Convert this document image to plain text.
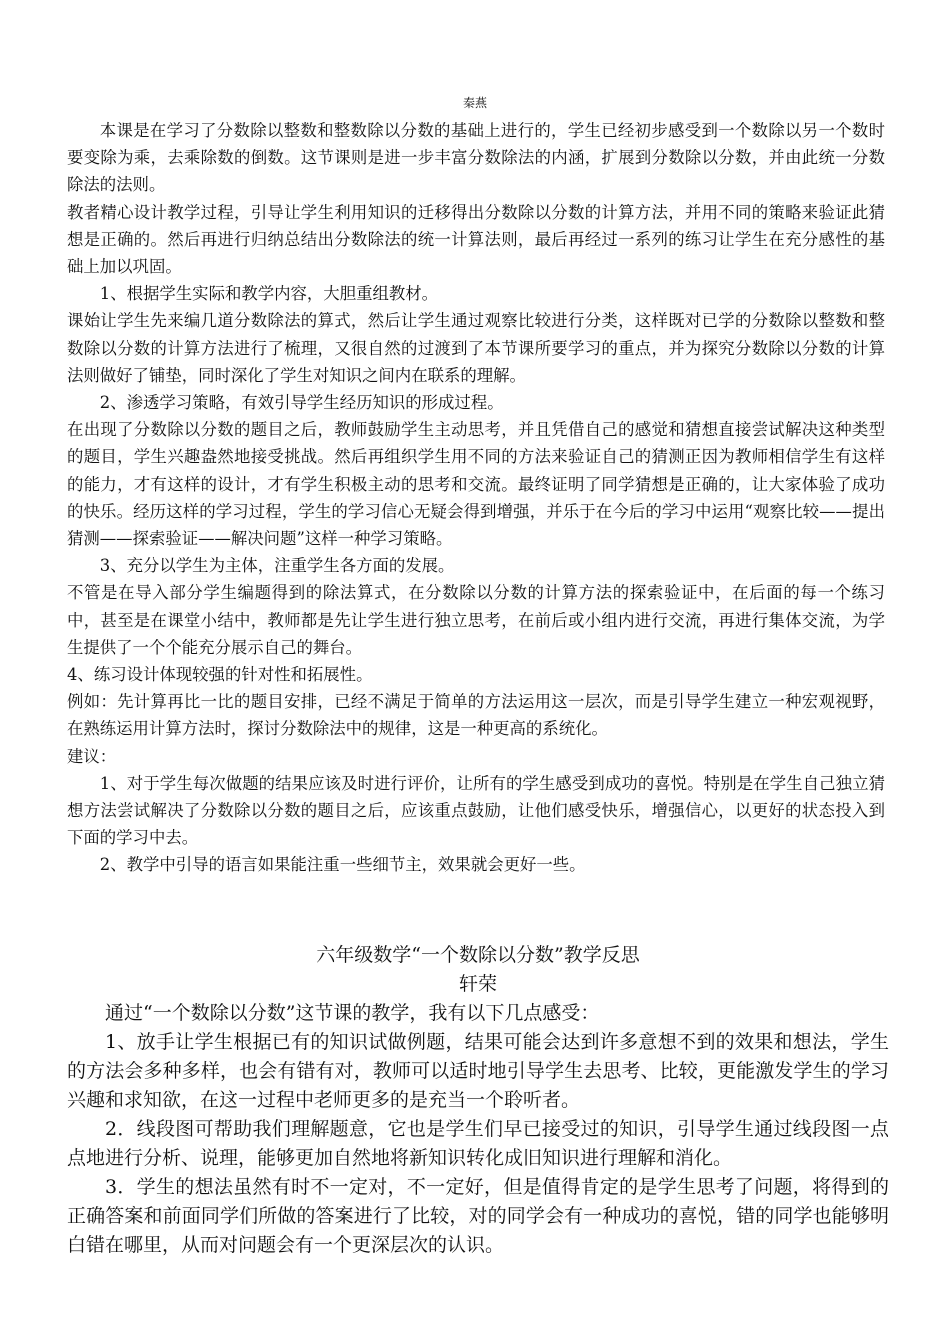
秦燕

本课是在学习了分数除以整数和整数除以分数的基础上进行的，学生已经初步感受到一个数除以另一个数时要变除为乘，去乘除数的倒数。这节课则是进一步丰富分数除法的内涵，扩展到分数除以分数，并由此统一分数除法的法则。

教者精心设计教学过程，引导让学生利用知识的迁移得出分数除以分数的计算方法，并用不同的策略来验证此猜想是正确的。然后再进行归纳总结出分数除法的统一计算法则，最后再经过一系列的练习让学生在充分感性的基础上加以巩固。

1、根据学生实际和教学内容，大胆重组教材。

课始让学生先来编几道分数除法的算式，然后让学生通过观察比较进行分类，这样既对已学的分数除以整数和整数除以分数的计算方法进行了梳理，又很自然的过渡到了本节课所要学习的重点，并为探究分数除以分数的计算法则做好了铺垫，同时深化了学生对知识之间内在联系的理解。

2、渗透学习策略，有效引导学生经历知识的形成过程。

在出现了分数除以分数的题目之后，教师鼓励学生主动思考，并且凭借自己的感觉和猜想直接尝试解决这种类型的题目，学生兴趣盎然地接受挑战。然后再组织学生用不同的方法来验证自己的猜测正因为教师相信学生有这样的能力，才有这样的设计，才有学生积极主动的思考和交流。最终证明了同学猜想是正确的，让大家体验了成功的快乐。经历这样的学习过程，学生的学习信心无疑会得到增强，并乐于在今后的学习中运用“观察比较——提出猜测——探索验证——解决问题”这样一种学习策略。

3、充分以学生为主体，注重学生各方面的发展。

不管是在导入部分学生编题得到的除法算式，在分数除以分数的计算方法的探索验证中，在后面的每一个练习中，甚至是在课堂小结中，教师都是先让学生进行独立思考，在前后或小组内进行交流，再进行集体交流，为学生提供了一个个能充分展示自己的舞台。

4、练习设计体现较强的针对性和拓展性。

例如：先计算再比一比的题目安排，已经不满足于简单的方法运用这一层次，而是引导学生建立一种宏观视野，在熟练运用计算方法时，探讨分数除法中的规律，这是一种更高的系统化。

建议：

1、对于学生每次做题的结果应该及时进行评价，让所有的学生感受到成功的喜悦。特别是在学生自己独立猜想方法尝试解决了分数除以分数的题目之后，应该重点鼓励，让他们感受快乐，增强信心，以更好的状态投入到下面的学习中去。

2、教学中引导的语言如果能注重一些细节主，效果就会更好一些。

六年级数学“一个数除以分数”教学反思

轩荣

通过“一个数除以分数”这节课的教学，我有以下几点感受：

1、放手让学生根据已有的知识试做例题，结果可能会达到许多意想不到的效果和想法，学生的方法会多种多样，也会有错有对，教师可以适时地引导学生去思考、比较，更能激发学生的学习兴趣和求知欲，在这一过程中老师更多的是充当一个聆听者。

2．线段图可帮助我们理解题意，它也是学生们早已接受过的知识，引导学生通过线段图一点点地进行分析、说理，能够更加自然地将新知识转化成旧知识进行理解和消化。

3．学生的想法虽然有时不一定对，不一定好，但是值得肯定的是学生思考了问题，将得到的正确答案和前面同学们所做的答案进行了比较，对的同学会有一种成功的喜悦，错的同学也能够明白错在哪里，从而对问题会有一个更深层次的认识。
